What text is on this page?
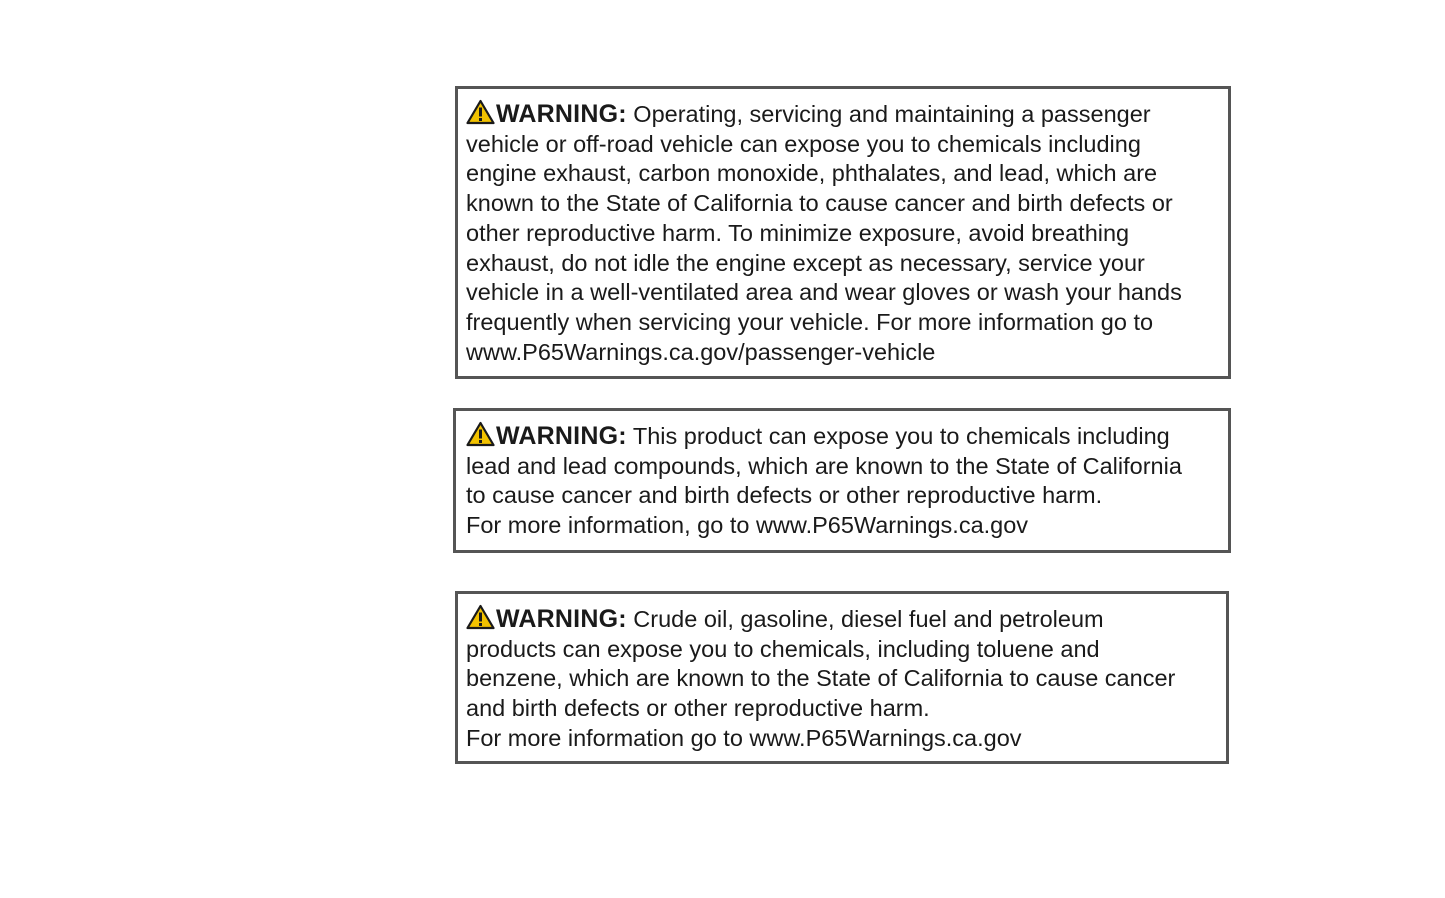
WARNING: Operating, servicing and maintaining a passenger
vehicle or off-road vehicle can expose you to chemicals including
engine exhaust, carbon monoxide, phthalates, and lead, which are
known to the State of California to cause cancer and birth defects or
other reproductive harm. To minimize exposure, avoid breathing
exhaust, do not idle the engine except as necessary, service your
vehicle in a well-ventilated area and wear gloves or wash your hands
frequently when servicing your vehicle. For more information go to
www.P65Warnings.ca.gov/passenger-vehicle
WARNING: This product can expose you to chemicals including
lead and lead compounds, which are known to the State of California
to cause cancer and birth defects or other reproductive harm.
For more information, go to www.P65Warnings.ca.gov
WARNING: Crude oil, gasoline, diesel fuel and petroleum
products can expose you to chemicals, including toluene and
benzene, which are known to the State of California to cause cancer
and birth defects or other reproductive harm.
For more information go to www.P65Warnings.ca.gov
